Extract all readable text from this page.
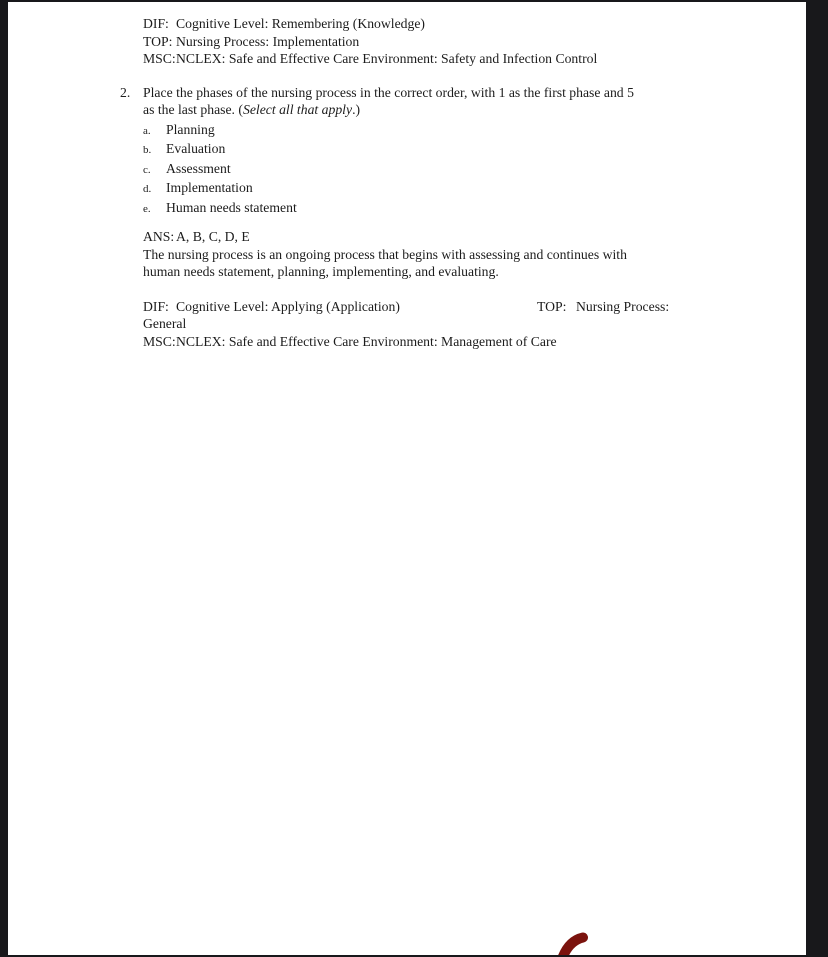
DIF: Cognitive Level: Remembering (Knowledge)
TOP: Nursing Process: Implementation
MSC:NCLEX: Safe and Effective Care Environment: Safety and Infection Control
2. Place the phases of the nursing process in the correct order, with 1 as the first phase and 5
as the last phase. (Select all that apply.)
a. Planning
b. Evaluation
c. Assessment
d. Implementation
e. Human needs statement
ANS: A, B, C, D, E
The nursing process is an ongoing process that begins with assessing and continues with
human needs statement, planning, implementing, and evaluating.
DIF: Cognitive Level: Applying (Application)	TOP: Nursing Process:
General
MSC:NCLEX: Safe and Effective Care Environment: Management of Care
